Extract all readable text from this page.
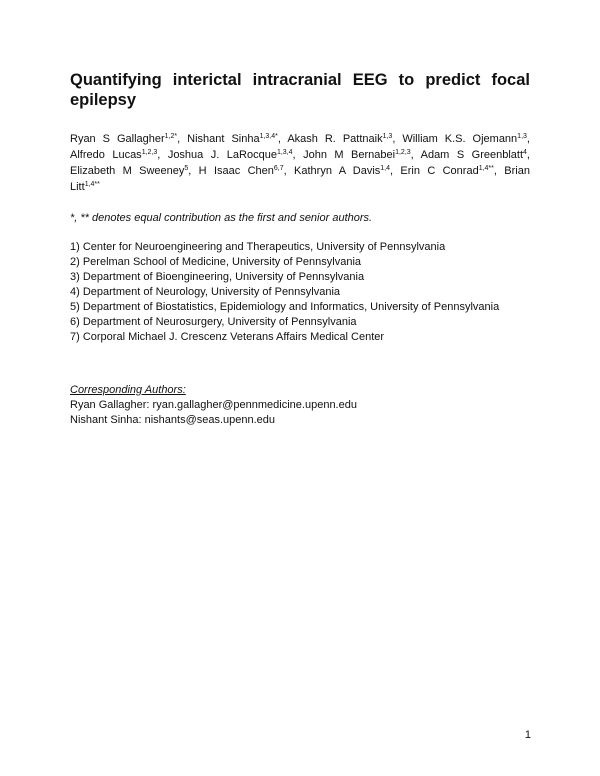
Quantifying interictal intracranial EEG to predict focal
epilepsy
Ryan S Gallagher$^{1,2*}$, Nishant Sinha$^{1,3,4*}$, Akash R. Pattnaik$^{1,3}$, William K.S. Ojemann$^{1,3}$,
Alfredo Lucas$^{1,2,3}$, Joshua J. LaRocque$^{1,3,4}$, John M Bernabei$^{1,2,3}$, Adam S Greenblatt$^4$,
Elizabeth M Sweeney$^5$, H Isaac Chen$^{6,7}$, Kathryn A Davis$^{1,4}$, Erin C Conrad$^{1,4**}$, Brian
Litt$^{1,4**}$
*, ** denotes equal contribution as the first and senior authors.
1) Center for Neuroengineering and Therapeutics, University of Pennsylvania
2) Perelman School of Medicine, University of Pennsylvania
3) Department of Bioengineering, University of Pennsylvania
4) Department of Neurology, University of Pennsylvania
5) Department of Biostatistics, Epidemiology and Informatics, University of Pennsylvania
6) Department of Neurosurgery, University of Pennsylvania
7) Corporal Michael J. Crescenz Veterans Affairs Medical Center
Corresponding Authors:
Ryan Gallagher: ryan.gallagher@pennmedicine.upenn.edu
Nishant Sinha: nishants@seas.upenn.edu
1
